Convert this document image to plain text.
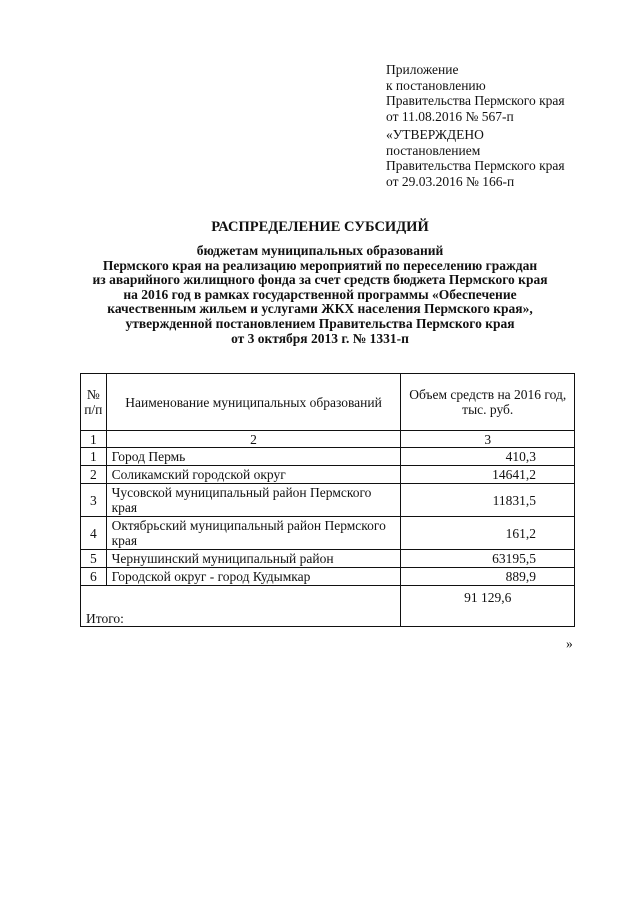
Приложение
к постановлению
Правительства Пермского края
от 11.08.2016 № 567-п
«УТВЕРЖДЕНО
постановлением
Правительства Пермского края
от 29.03.2016 № 166-п
РАСПРЕДЕЛЕНИЕ СУБСИДИЙ
бюджетам муниципальных образований
Пермского края на реализацию мероприятий по переселению граждан
из аварийного жилищного фонда за счет средств бюджета Пермского края
на 2016 год в рамках государственной программы «Обеспечение
качественным жильем и услугами ЖКХ населения Пермского края»,
утвержденной постановлением Правительства Пермского края
от 3 октября 2013 г. № 1331-п
№ п/п	Наименование муниципальных образований	Объем средств на 2016 год, тыс. руб.
1	2	3
1	Город Пермь	410,3
2	Соликамский городской округ	14641,2
3	Чусовской муниципальный район Пермского края	11831,5
4	Октябрьский муниципальный район Пермского края	161,2
5	Чернушинский муниципальный район	63195,5
6	Городской округ - город Кудымкар	889,9
Итого:		91 129,6
»
